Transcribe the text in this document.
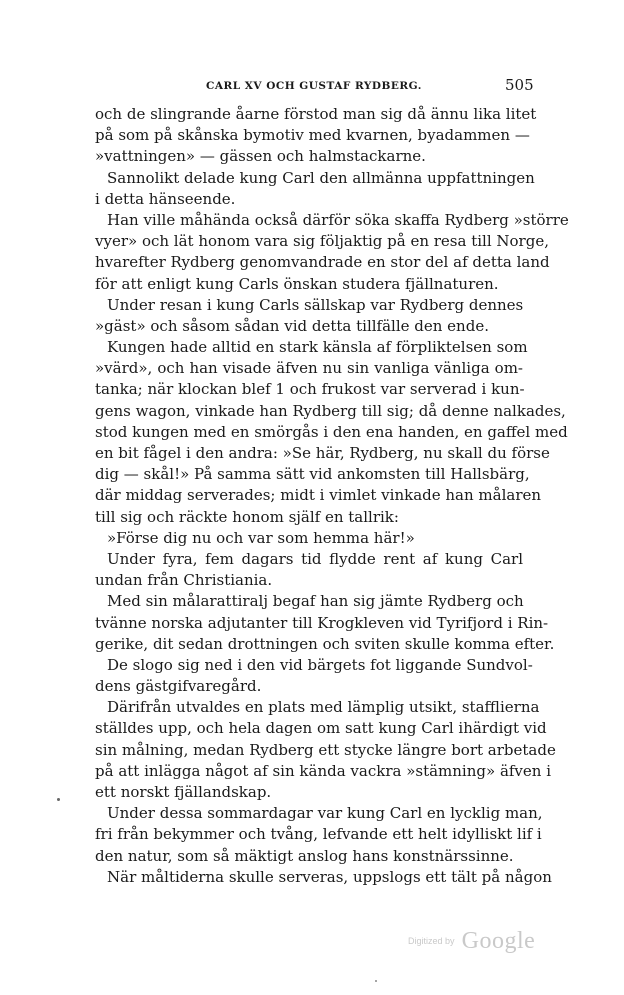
CARL XV OCH GUSTAF RYDBERG.	505
och de slingrande åarne förstod man sig då ännu lika litet
på som på skånska bymotiv med kvarnen, byadammen —
»vattningen» — gässen och halmstackarne.
Sannolikt delade kung Carl den allmänna uppfattningen
i detta hänseende.
Han ville måhända också därför söka skaffa Rydberg »större
vyer» och lät honom vara sig följaktig på en resa till Norge,
hvarefter Rydberg genomvandrade en stor del af detta land
för att enligt kung Carls önskan studera fjällnaturen.
Under resan i kung Carls sällskap var Rydberg dennes
»gäst» och såsom sådan vid detta tillfälle den ende.
Kungen hade alltid en stark känsla af förpliktelsen som
»värd», och han visade äfven nu sin vanliga vänliga om-
tanka; när klockan blef 1 och frukost var serverad i kun-
gens wagon, vinkade han Rydberg till sig; då denne nalkades,
stod kungen med en smörgås i den ena handen, en gaffel med
en bit fågel i den andra: »Se här, Rydberg, nu skall du förse
dig — skål!» På samma sätt vid ankomsten till Hallsbärg,
där middag serverades; midt i vimlet vinkade han målaren
till sig och räckte honom själf en tallrik:
»Förse dig nu och var som hemma här!»
Under fyra, fem dagars tid flydde rent af kung Carl
undan från Christiania.
Med sin målarattiralj begaf han sig jämte Rydberg och
tvänne norska adjutanter till Krogkleven vid Tyrifjord i Rin-
gerike, dit sedan drottningen och sviten skulle komma efter.
De slogo sig ned i den vid bärgets fot liggande Sundvol-
dens gästgifvaregård.
Därifrån utvaldes en plats med lämplig utsikt, stafflierna
ställdes upp, och hela dagen om satt kung Carl ihärdigt vid
sin målning, medan Rydberg ett stycke längre bort arbetade
på att inlägga något af sin kända vackra »stämning» äfven i
ett norskt fjällandskap.
Under dessa sommardagar var kung Carl en lycklig man,
fri från bekymmer och tvång, lefvande ett helt idylliskt lif i
den natur, som så mäktigt anslog hans konstnärssinne.
När måltiderna skulle serveras, uppslogs ett tält på någon
$^{Digitized by}$ Google
